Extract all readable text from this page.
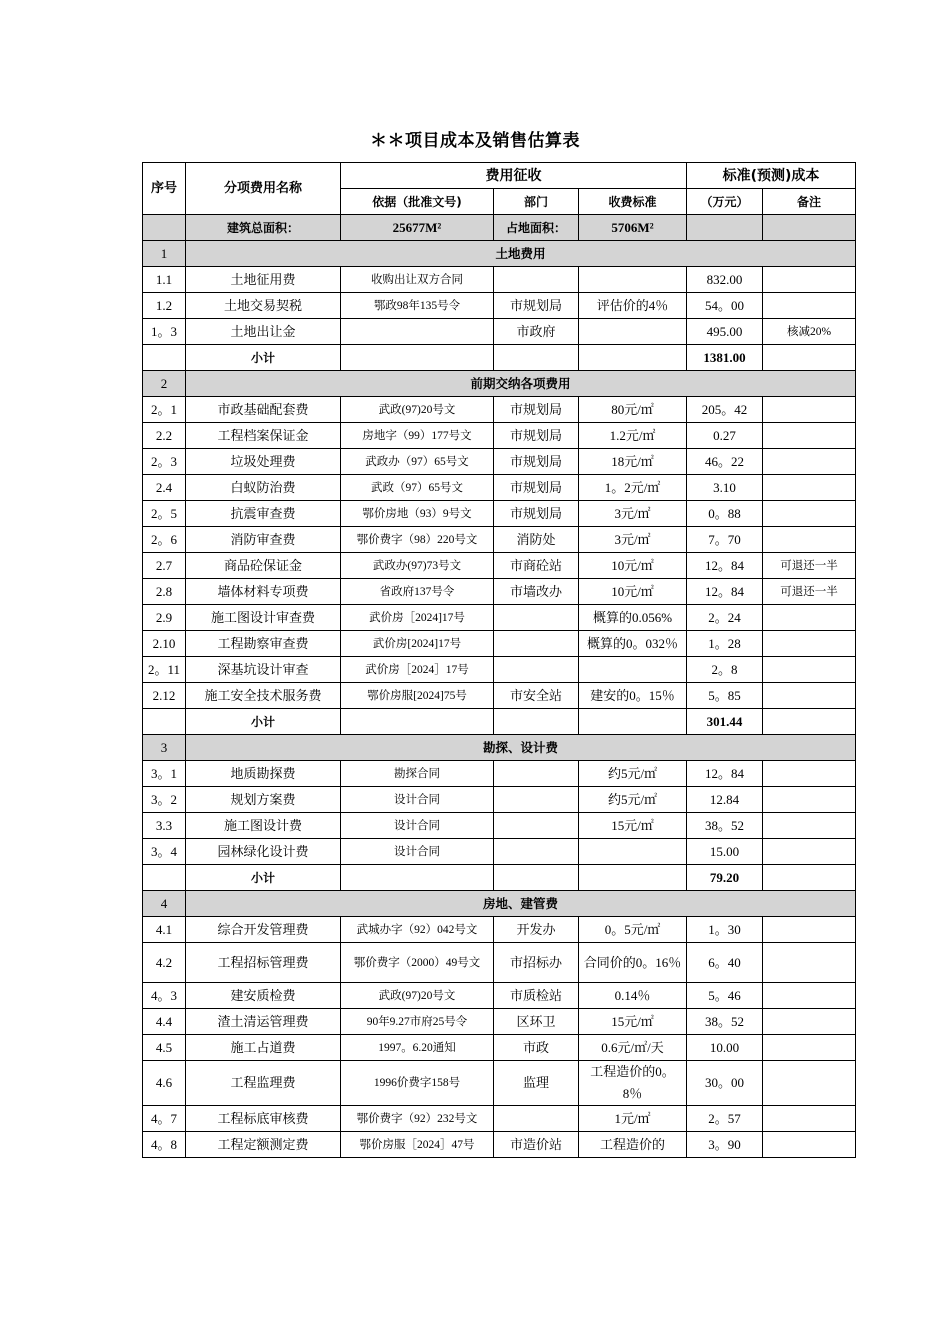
＊＊项目成本及销售估算表
序号	分项费用名称	费用征收			标准(预测)成本	
		依据（批准文号)	部门	收费标准	（万元）	备注
	建筑总面积：	25677M²	占地面积：	5706M²		
1	土地费用					
1.1	土地征用费	收购出让双方合同			832.00	
1.2	土地交易契税	鄂政98年135号令	市规划局	评估价的4％	54。00	
1。3	土地出让金		市政府		495.00	核减20%
	小计				1381.00	
2	前期交纳各项费用					
2。1	市政基础配套费	武政(97)20号文	市规划局	80元/㎡	205。42	
2.2	工程档案保证金	房地字（99）177号文	市规划局	1.2元/㎡	0.27	
2。3	垃圾处理费	武政办（97）65号文	市规划局	18元/㎡	46。22	
2.4	白蚁防治费	武政（97）65号文	市规划局	1。2元/㎡	3.10	
2。5	抗震审查费	鄂价房地（93）9号文	市规划局	3元/㎡	0。88	
2。6	消防审查费	鄂价费字（98）220号文	消防处	3元/㎡	7。70	
2.7	商品砼保证金	武政办(97)73号文	市商砼站	10元/㎡	12。84	可退还一半
2.8	墙体材料专项费	省政府137号令	市墙改办	10元/㎡	12。84	可退还一半
2.9	施工图设计审查费	武价房［2024]17号		概算的0.056%	2。24	
2.10	工程勘察审查费	武价房[2024]17号		概算的0。032％	1。28	
2。11	深基坑设计审查	武价房［2024］17号			2。8	
2.12	施工安全技术服务费	鄂价房服[2024]75号	市安全站	建安的0。15％	5。85	
	小计				301.44	
3	勘探、设计费					
3。1	地质勘探费	勘探合同		约5元/㎡	12。84	
3。2	规划方案费	设计合同		约5元/㎡	12.84	
3.3	施工图设计费	设计合同		15元/㎡	38。52	
3。4	园林绿化设计费	设计合同			15.00	
	小计				79.20	
4	房地、建管费					
4.1	综合开发管理费	武城办字（92）042号文	开发办	0。5元/㎡	1。30	
4.2	工程招标管理费	鄂价费字（2000）49号文	市招标办	合同价的0。16％	6。40	
4。3	建安质检费	武政(97)20号文	市质检站	0.14％	5。46	
4.4	渣土清运管理费	90年9.27市府25号令	区环卫	15元/㎡	38。52	
4.5	施工占道费	1997。6.20通知	市政	0.6元/㎡/天	10.00	
4.6	工程监理费	1996价费字158号	监理	工程造价的0。8％	30。00	
4。7	工程标底审核费	鄂价费字（92）232号文		1元/㎡	2。57	
4。8	工程定额测定费	鄂价房服［2024］47号	市造价站	工程造价的	3。90	
